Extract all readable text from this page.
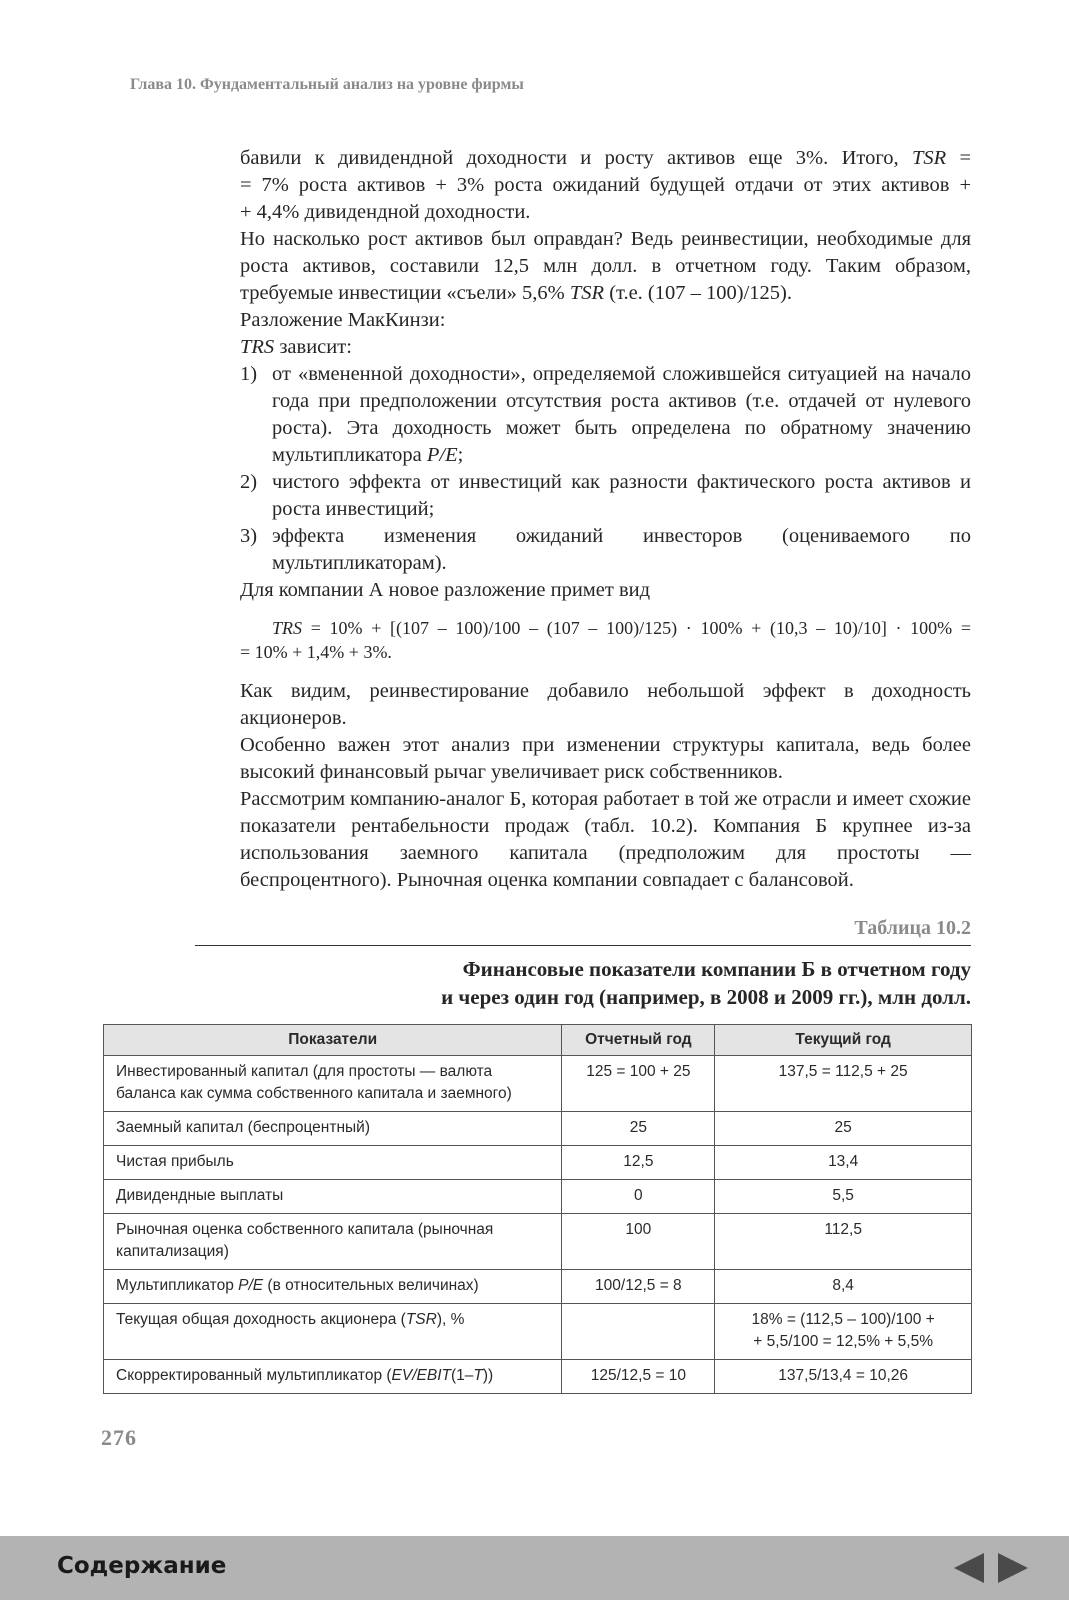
Глава 10. Фундаментальный анализ на уровне фирмы

бавили к дивидендной доходности и росту активов еще 3%. Итого, TSR =

= 7% роста активов + 3% роста ожиданий будущей отдачи от этих активов +

+ 4,4% дивидендной доходности.

Но насколько рост активов был оправдан? Ведь реинвестиции, необходимые для роста активов, составили 12,5 млн долл. в отчетном году. Таким образом, требуемые инвестиции «съели» 5,6% TSR (т.е. (107 – 100)/125).

Разложение МакКинзи:

TRS зависит:

1) от «вмененной доходности», определяемой сложившейся ситуацией на начало года при предположении отсутствия роста активов (т.е. отдачей от нулевого роста). Эта доходность может быть определена по обратному значению мультипликатора P/E;
2) чистого эффекта от инвестиций как разности фактического роста активов и роста инвестиций;
3) эффекта изменения ожиданий инвесторов (оцениваемого по мультипликаторам).

Для компании А новое разложение примет вид

TRS = 10% + [(107 – 100)/100 – (107 – 100)/125) · 100% + (10,3 – 10)/10] · 100% =
= 10% + 1,4% + 3%.

Как видим, реинвестирование добавило небольшой эффект в доходность акционеров.

Особенно важен этот анализ при изменении структуры капитала, ведь более высокий финансовый рычаг увеличивает риск собственников.

Рассмотрим компанию-аналог Б, которая работает в той же отрасли и имеет схожие показатели рентабельности продаж (табл. 10.2). Компания Б крупнее из-за использования заемного капитала (предположим для простоты — беспроцентного). Рыночная оценка компании совпадает с балансовой.

Таблица 10.2
Финансовые показатели компании Б в отчетном году
и через один год (например, в 2008 и 2009 гг.), млн долл.
Показатели	Отчетный год	Текущий год
Инвестированный капитал (для простоты — валюта баланса как сумма собственного капитала и заемного)	125 = 100 + 25	137,5 = 112,5 + 25
Заемный капитал (беспроцентный)	25	25
Чистая прибыль	12,5	13,4
Дивидендные выплаты	0	5,5
Рыночная оценка собственного капитала (рыночная капитализация)	100	112,5
Мультипликатор P/E (в относительных величинах)	100/12,5 = 8	8,4
Текущая общая доходность акционера (TSR), %		18% = (112,5 – 100)/100 +
+ 5,5/100 = 12,5% + 5,5%

Скорректированный мультипликатор (EV/EBIT(1–T))	125/12,5 = 10	137,5/13,4 = 10,26
276
Содержание
